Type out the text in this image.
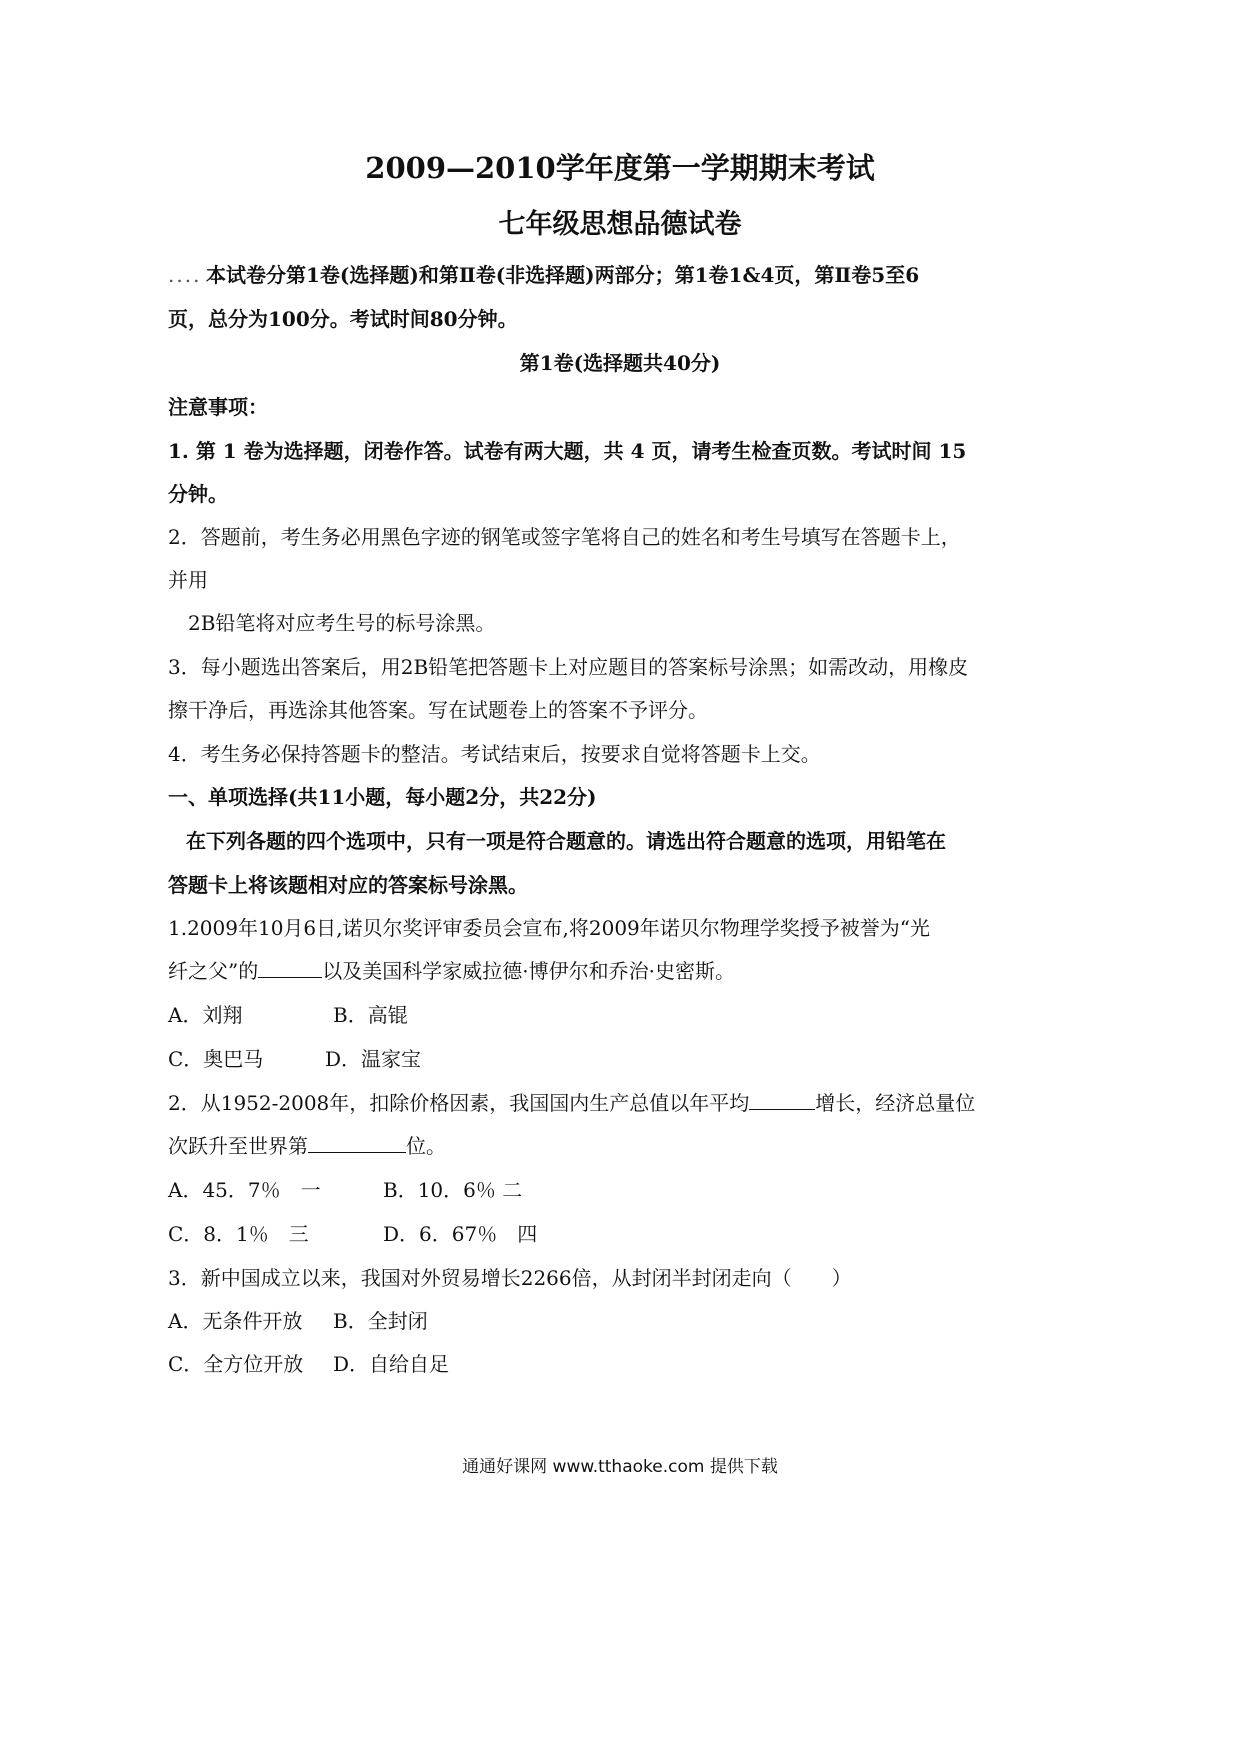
2009—2010学年度第一学期期末考试
七年级思想品德试卷
.... 本试卷分第1卷(选择题)和第Ⅱ卷(非选择题)两部分；第1卷1&4页，第Ⅱ卷5至6
页，总分为100分。考试时间80分钟。
第1卷(选择题共40分)
注意事项：
1. 第 1 卷为选择题，闭卷作答。试卷有两大题，共 4 页，请考生检查页数。考试时间 15
分钟。
2．答题前，考生务必用黑色字迹的钢笔或签字笔将自己的姓名和考生号填写在答题卡上，
并用
2B铅笔将对应考生号的标号涂黑。
3．每小题选出答案后，用2B铅笔把答题卡上对应题目的答案标号涂黑；如需改动，用橡皮
擦干净后，再选涂其他答案。写在试题卷上的答案不予评分。
4．考生务必保持答题卡的整洁。考试结束后，按要求自觉将答题卡上交。
一、单项选择(共11小题，每小题2分，共22分)
在下列各题的四个选项中，只有一项是符合题意的。请选出符合题意的选项，用铅笔在
答题卡上将该题相对应的答案标号涂黑。
1.2009年10月6日,诺贝尔奖评审委员会宣布,将2009年诺贝尔物理学奖授予被誉为“光
纤之父”的	以及美国科学家威拉德·博伊尔和乔治·史密斯。
A．刘翔	B．高锟
C．奥巴马	D．温家宝
2．从1952-2008年，扣除价格因素，我国国内生产总值以年平均	增长，经济总量位
次跃升至世界第	位。
A．45．7％　一	B．10．6％ 二
C．8．1％　三	D．6．67％　四
3．新中国成立以来，我国对外贸易增长2266倍，从封闭半封闭走向（　　）
A．无条件开放 B．全封闭
C．全方位开放 D．自给自足
通通好课网 www.tthaoke.com 提供下载
